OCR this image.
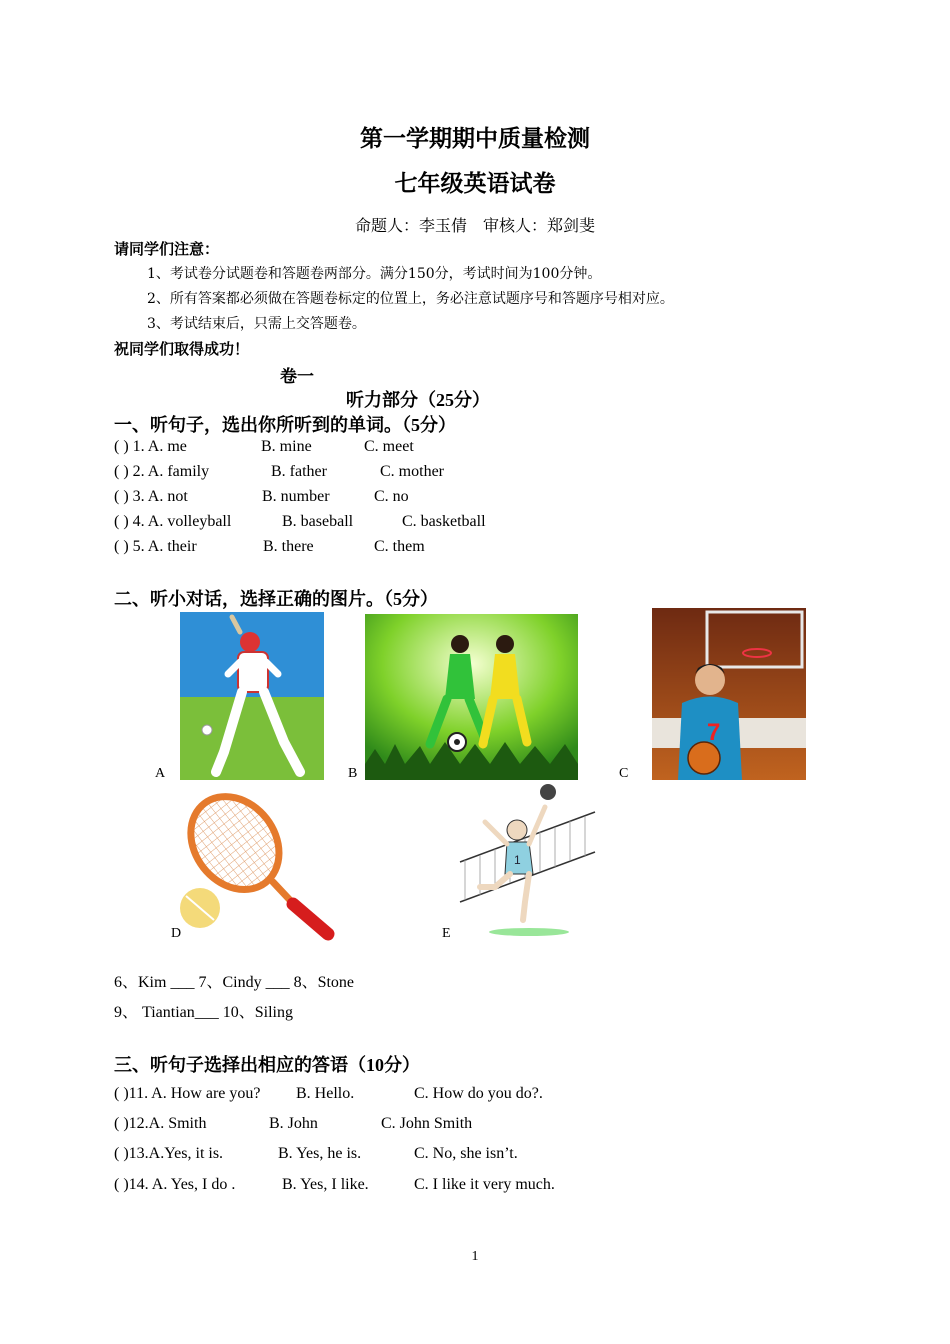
第一学期期中质量检测
七年级英语试卷
命题人：李玉倩　审核人：郑剑斐
请同学们注意：
1、考试卷分试题卷和答题卷两部分。满分150分，考试时间为100分钟。
2、所有答案都必须做在答题卷标定的位置上，务必注意试题序号和答题序号相对应。
3、考试结束后，只需上交答题卷。
祝同学们取得成功！
卷一
听力部分（25分）
一、听句子，选出你所听到的单词。（5分）
( ) 1. A. me	B. mine	C. meet
( ) 2. A. family	B. father	C. mother
( ) 3. A. not	B. number	C. no
( ) 4. A. volleyball	B. baseball	C. basketball
( ) 5. A. their	B. there	C. them
二、听小对话，选择正确的图片。（5分）
A	B
7
C
D
1
E
6、Kim ___ 7、Cindy ___ 8、Stone
9、 Tiantian___ 10、Siling
三、听句子选择出相应的答语（10分）
( )11. A. How are you? B. Hello.	C. How do you do?.
( )12.A. Smith	B. John	C. John Smith
( )13.A.Yes, it is.	B. Yes, he is.	C. No, she isn’t.
( )14. A. Yes, I do .	B. Yes, I like.	C. I like it very much.
1
